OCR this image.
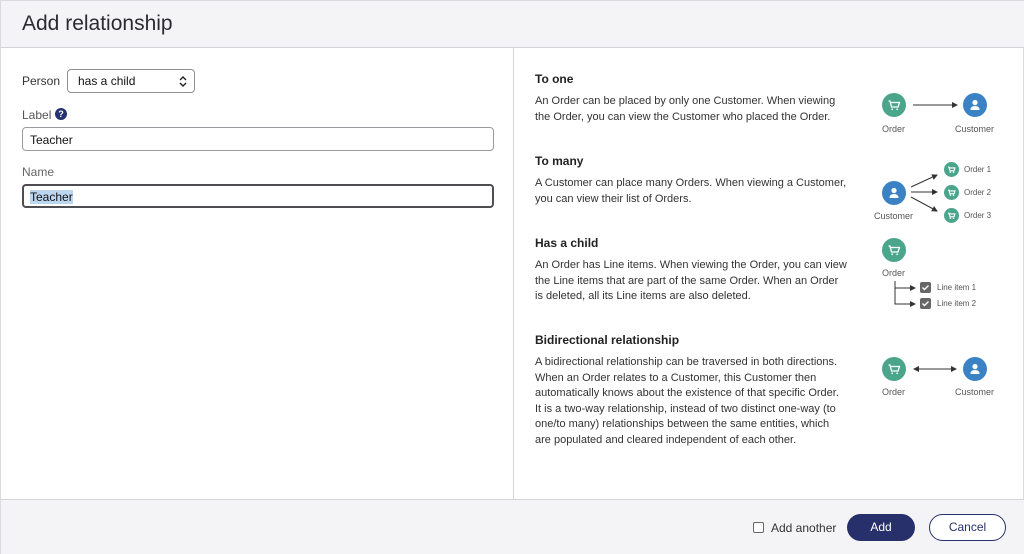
Add relationship
Person	has a child
Label ?
Teacher
Name
Teacher
To one

An Order can be placed by only one Customer. When viewing the Order, you can view the Customer who placed the Order.

To many

A Customer can place many Orders. When viewing a Customer, you can view their list of Orders.

Has a child

An Order has Line items. When viewing the Order, you can view the Line items that are part of the same Order. When an Order is deleted, all its Line items are also deleted.

Bidirectional relationship

A bidirectional relationship can be traversed in both directions. When an Order relates to a Customer, this Customer then automatically knows about the existence of that specific Order. It is a two-way relationship, instead of two distinct one-way (to one/to many) relationships between the same entities, which are populated and cleared independent of each other.

Order	Customer
Customer
Order 1
Order 2
Order 3
Order
Line item 1
Line item 2
Order	Customer
Add another	Add	Cancel
